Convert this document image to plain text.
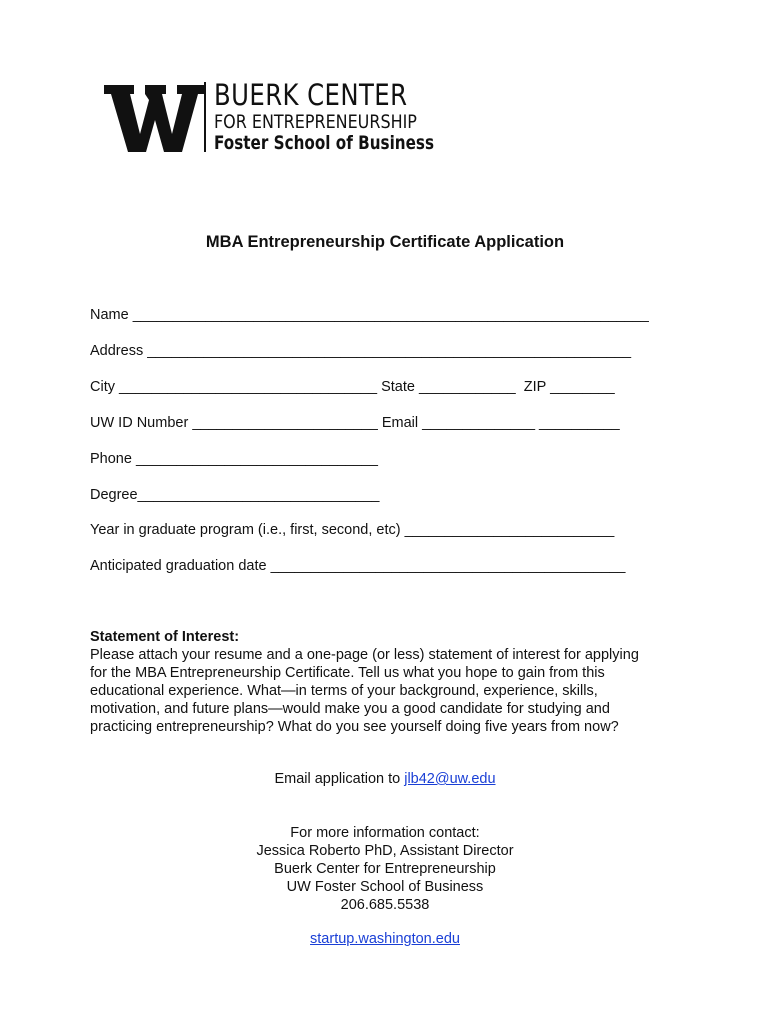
BUERK CENTER
FOR ENTREPRENEURSHIP
Foster School of Business
MBA Entrepreneurship Certificate Application
Name ________________________________________________________________
Address ____________________________________________________________
City ________________________________ State ____________  ZIP ________
UW ID Number _______________________ Email ______________ __________
Phone ______________________________
Degree______________________________
Year in graduate program (i.e., first, second, etc) __________________________
Anticipated graduation date ____________________________________________
Statement of Interest:
Please attach your resume and a one-page (or less) statement of interest for applying
for the MBA Entrepreneurship Certificate. Tell us what you hope to gain from this
educational experience. What—in terms of your background, experience, skills,
motivation, and future plans—would make you a good candidate for studying and
practicing entrepreneurship? What do you see yourself doing five years from now?
Email application to jlb42@uw.edu
For more information contact:
Jessica Roberto PhD, Assistant Director
Buerk Center for Entrepreneurship
UW Foster School of Business
206.685.5538
startup.washington.edu
